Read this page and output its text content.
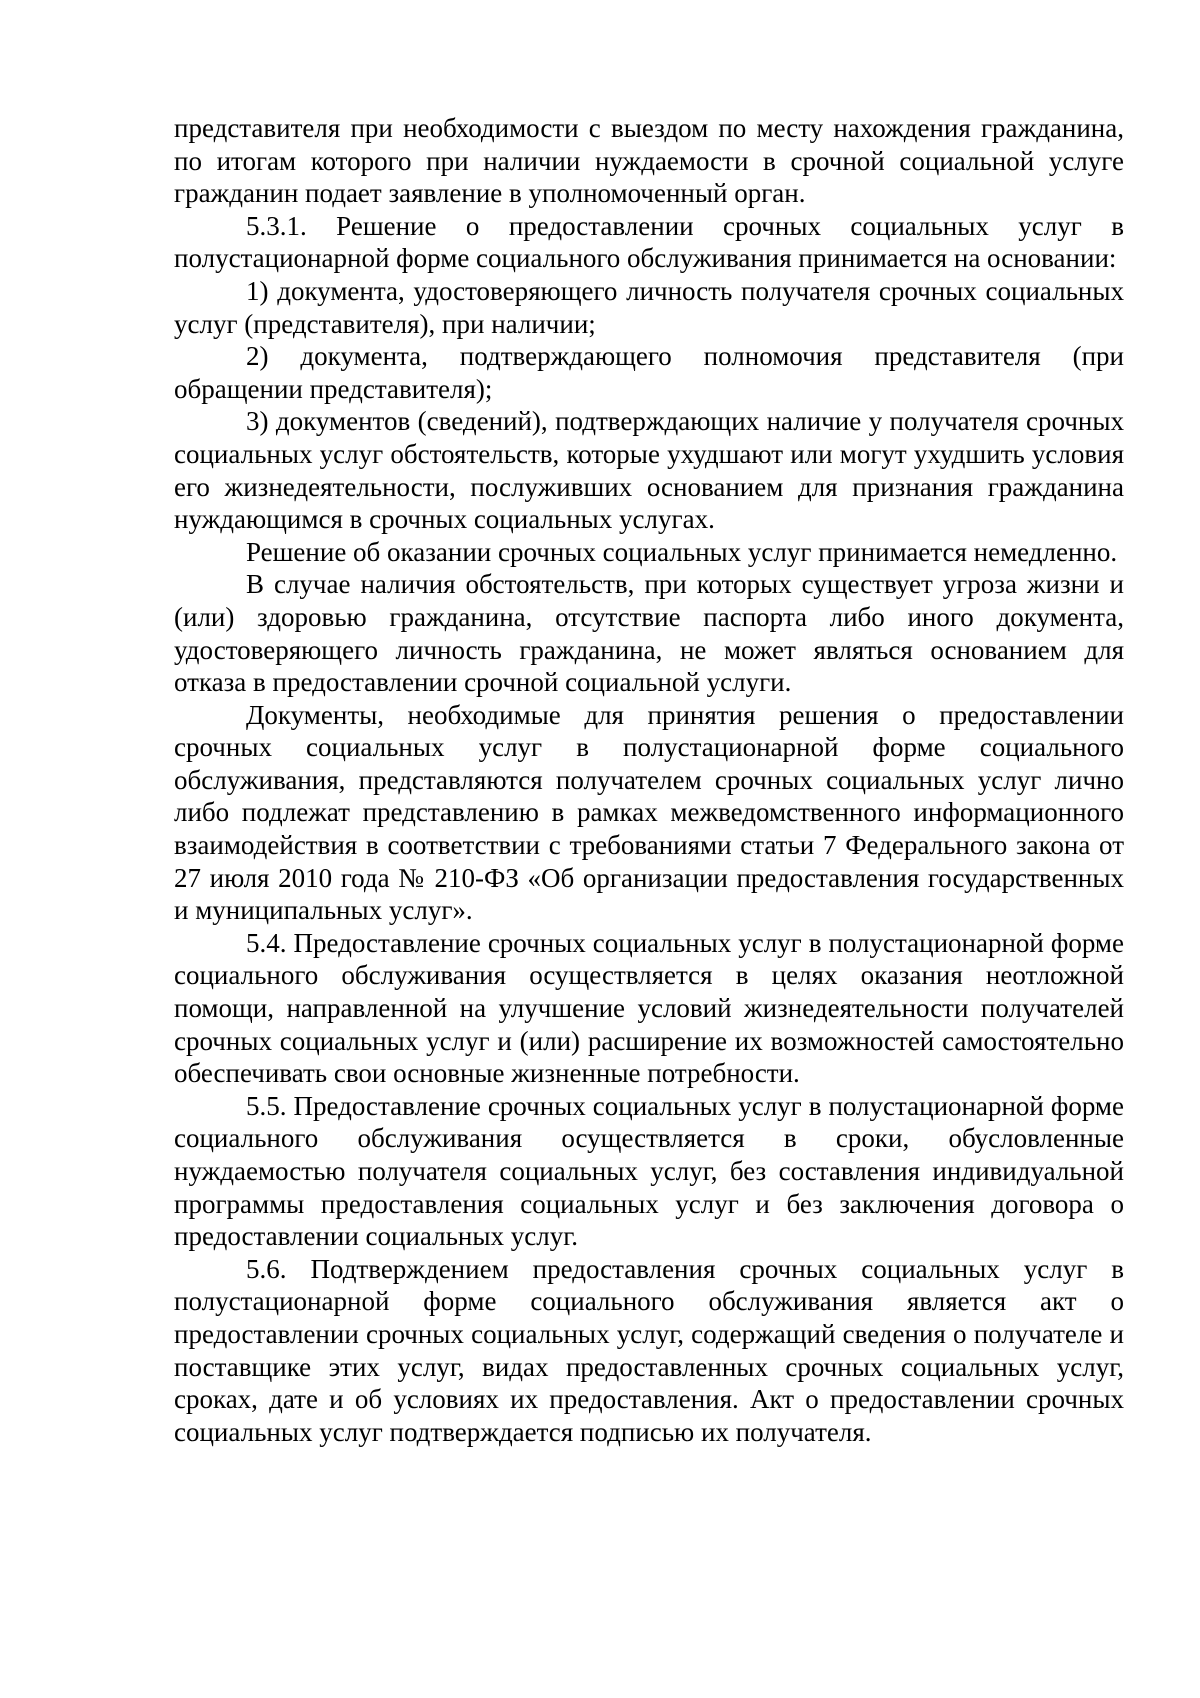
представителя при необходимости с выездом по месту нахождения гражданина, по итогам которого при наличии нуждаемости в срочной социальной услуге гражданин подает заявление в уполномоченный орган.

5.3.1. Решение о предоставлении срочных социальных услуг в полустационарной форме социального обслуживания принимается на основании:

1) документа, удостоверяющего личность получателя срочных социальных услуг (представителя), при наличии;

2) документа, подтверждающего полномочия представителя (при обращении представителя);

3) документов (сведений), подтверждающих наличие у получателя срочных социальных услуг обстоятельств, которые ухудшают или могут ухудшить условия его жизнедеятельности, послуживших основанием для признания гражданина нуждающимся в срочных социальных услугах.

Решение об оказании срочных социальных услуг принимается немедленно.

В случае наличия обстоятельств, при которых существует угроза жизни и (или) здоровью гражданина, отсутствие паспорта либо иного документа, удостоверяющего личность гражданина, не может являться основанием для отказа в предоставлении срочной социальной услуги.

Документы, необходимые для принятия решения о предоставлении срочных социальных услуг в полустационарной форме социального обслуживания, представляются получателем срочных социальных услуг лично либо подлежат представлению в рамках межведомственного информационного взаимодействия в соответствии с требованиями статьи 7 Федерального закона от 27 июля 2010 года № 210-ФЗ «Об организации предоставления государственных и муниципальных услуг».

5.4. Предоставление срочных социальных услуг в полустационарной форме социального обслуживания осуществляется в целях оказания неотложной помощи, направленной на улучшение условий жизнедеятельности получателей срочных социальных услуг и (или) расширение их возможностей самостоятельно обеспечивать свои основные жизненные потребности.

5.5. Предоставление срочных социальных услуг в полустационарной форме социального обслуживания осуществляется в сроки, обусловленные нуждаемостью получателя социальных услуг, без составления индивидуальной программы предоставления социальных услуг и без заключения договора о предоставлении социальных услуг.

5.6. Подтверждением предоставления срочных социальных услуг в полустационарной форме социального обслуживания является акт о предоставлении срочных социальных услуг, содержащий сведения о получателе и поставщике этих услуг, видах предоставленных срочных социальных услуг, сроках, дате и об условиях их предоставления. Акт о предоставлении срочных социальных услуг подтверждается подписью их получателя.
